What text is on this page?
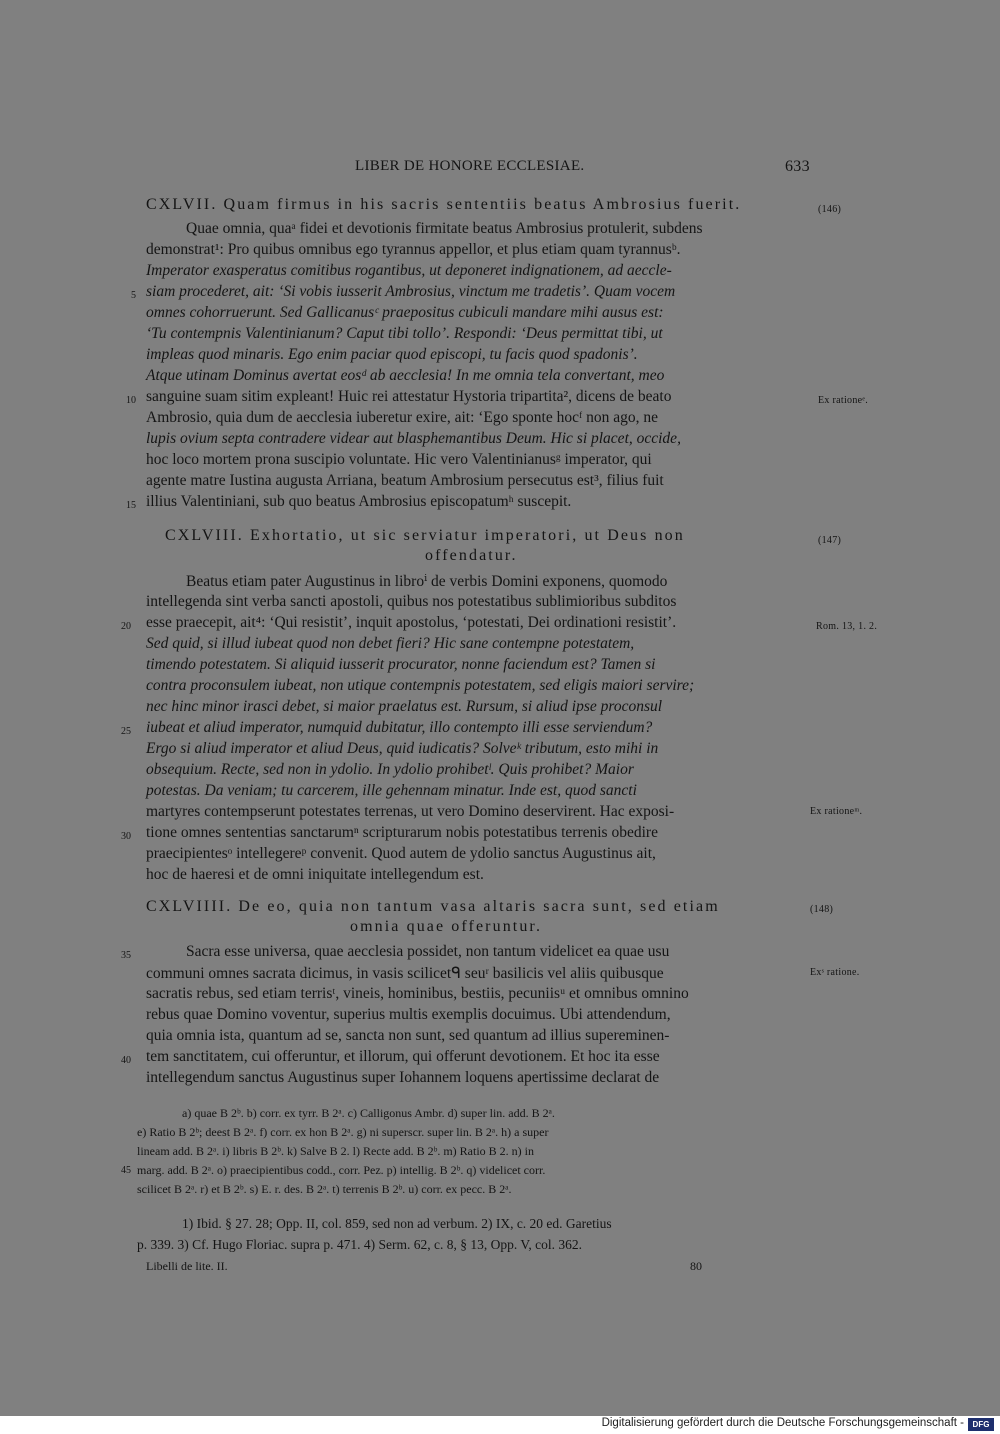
LIBER DE HONORE ECCLESIAE.	633
CXLVII. Quam firmus in his sacris sententiis beatus Ambrosius fuerit.	(146)
Quae omnia, quaᵃ fidei et devotionis firmitate beatus Ambrosius protulerit, subdens
demonstrat¹: Pro quibus omnibus ego tyrannus appellor, et plus etiam quam tyrannusᵇ.
Imperator exasperatus comitibus rogantibus, ut deponeret indignationem, ad aeccle-
siam procederet, ait: ‘Si vobis iusserit Ambrosius, vinctum me tradetis’. Quam vocem
omnes cohorruerunt. Sed Gallicanusᶜ praepositus cubiculi mandare mihi ausus est:
‘Tu contempnis Valentinianum? Caput tibi tollo’. Respondi: ‘Deus permittat tibi, ut
impleas quod minaris. Ego enim paciar quod episcopi, tu facis quod spadonis’.
Atque utinam Dominus avertat eosᵈ ab aecclesia! In me omnia tela convertant, meo
sanguine suam sitim expleant! Huic rei attestatur Hystoria tripartita², dicens de beato
Ambrosio, quia dum de aecclesia iuberetur exire, ait: ‘Ego sponte hocᶠ non ago, ne
lupis ovium septa contradere videar aut blasphemantibus Deum. Hic si placet, occide,
hoc loco mortem prona suscipio voluntate. Hic vero Valentinianusᵍ imperator, qui
agente matre Iustina augusta Arriana, beatum Ambrosium persecutus est³, filius fuit
illius Valentiniani, sub quo beatus Ambrosius episcopatumʰ suscepit.
CXLVIII. Exhortatio, ut sic serviatur imperatori, ut Deus non
offendatur.
(147)
Beatus etiam pater Augustinus in libroⁱ de verbis Domini exponens, quomodo
intellegenda sint verba sancti apostoli, quibus nos potestatibus sublimioribus subditos
esse praecepit, ait⁴: ‘Qui resistit’, inquit apostolus, ‘potestati, Dei ordinationi resistit’.
Sed quid, si illud iubeat quod non debet fieri? Hic sane contempne potestatem,
timendo potestatem. Si aliquid iusserit procurator, nonne faciendum est? Tamen si
contra proconsulem iubeat, non utique contempnis potestatem, sed eligis maiori servire;
nec hinc minor irasci debet, si maior praelatus est. Rursum, si aliud ipse proconsul
iubeat et aliud imperator, numquid dubitatur, illo contempto illi esse serviendum?
Ergo si aliud imperator et aliud Deus, quid iudicatis? Solveᵏ tributum, esto mihi in
obsequium. Recte, sed non in ydolio. In ydolio prohibetˡ. Quis prohibet? Maior
potestas. Da veniam; tu carcerem, ille gehennam minatur. Inde est, quod sancti
martyres contempserunt potestates terrenas, ut vero Domino deservirent. Hac exposi-
tione omnes sententias sanctarumⁿ scripturarum nobis potestatibus terrenis obedire
praecipientesᵒ intellegereᵖ convenit. Quod autem de ydolio sanctus Augustinus ait,
hoc de haeresi et de omni iniquitate intellegendum est.
CXLVIIII. De eo, quia non tantum vasa altaris sacra sunt, sed etiam
omnia quae offeruntur.
(148)
Sacra esse universa, quae aecclesia possidet, non tantum videlicet ea quae usu
communi omnes sacrata dicimus, in vasis scilicetᑫ seuʳ basilicis vel aliis quibusque
sacratis rebus, sed etiam terrisᵗ, vineis, hominibus, bestiis, pecuniisᵘ et omnibus omnino
rebus quae Domino voventur, superius multis exemplis docuimus. Ubi attendendum,
quia omnia ista, quantum ad se, sancta non sunt, sed quantum ad illius supereminen-
tem sanctitatem, cui offeruntur, et illorum, qui offerunt devotionem. Et hoc ita esse
intellegendum sanctus Augustinus super Iohannem loquens apertissime declarat de
5
10
15
20
25
30
35
40
45
Ex rationeᵉ.
Rom. 13, 1. 2.
Ex rationeᵐ.
Exˢ ratione.
a) quae B 2ᵇ. b) corr. ex tyrr. B 2ᵃ. c) Calligonus Ambr. d) super lin. add. B 2ᵃ.
e) Ratio B 2ᵇ; deest B 2ᵃ. f) corr. ex hon B 2ᵃ. g) ni superscr. super lin. B 2ᵃ. h) a super
lineam add. B 2ᵃ. i) libris B 2ᵇ. k) Salve B 2. l) Recte add. B 2ᵇ. m) Ratio B 2. n) in
marg. add. B 2ᵃ. o) praecipientibus codd., corr. Pez. p) intellig. B 2ᵇ. q) videlicet corr.
scilicet B 2ᵃ. r) et B 2ᵇ. s) E. r. des. B 2ᵃ. t) terrenis B 2ᵇ. u) corr. ex pecc. B 2ᵃ.
1) Ibid. § 27. 28; Opp. II, col. 859, sed non ad verbum. 2) IX, c. 20 ed. Garetius
p. 339. 3) Cf. Hugo Floriac. supra p. 471. 4) Serm. 62, c. 8, § 13, Opp. V, col. 362.
Libelli de lite. II.	80
Digitalisierung gefördert durch die Deutsche Forschungsgemeinschaft -	DFG
